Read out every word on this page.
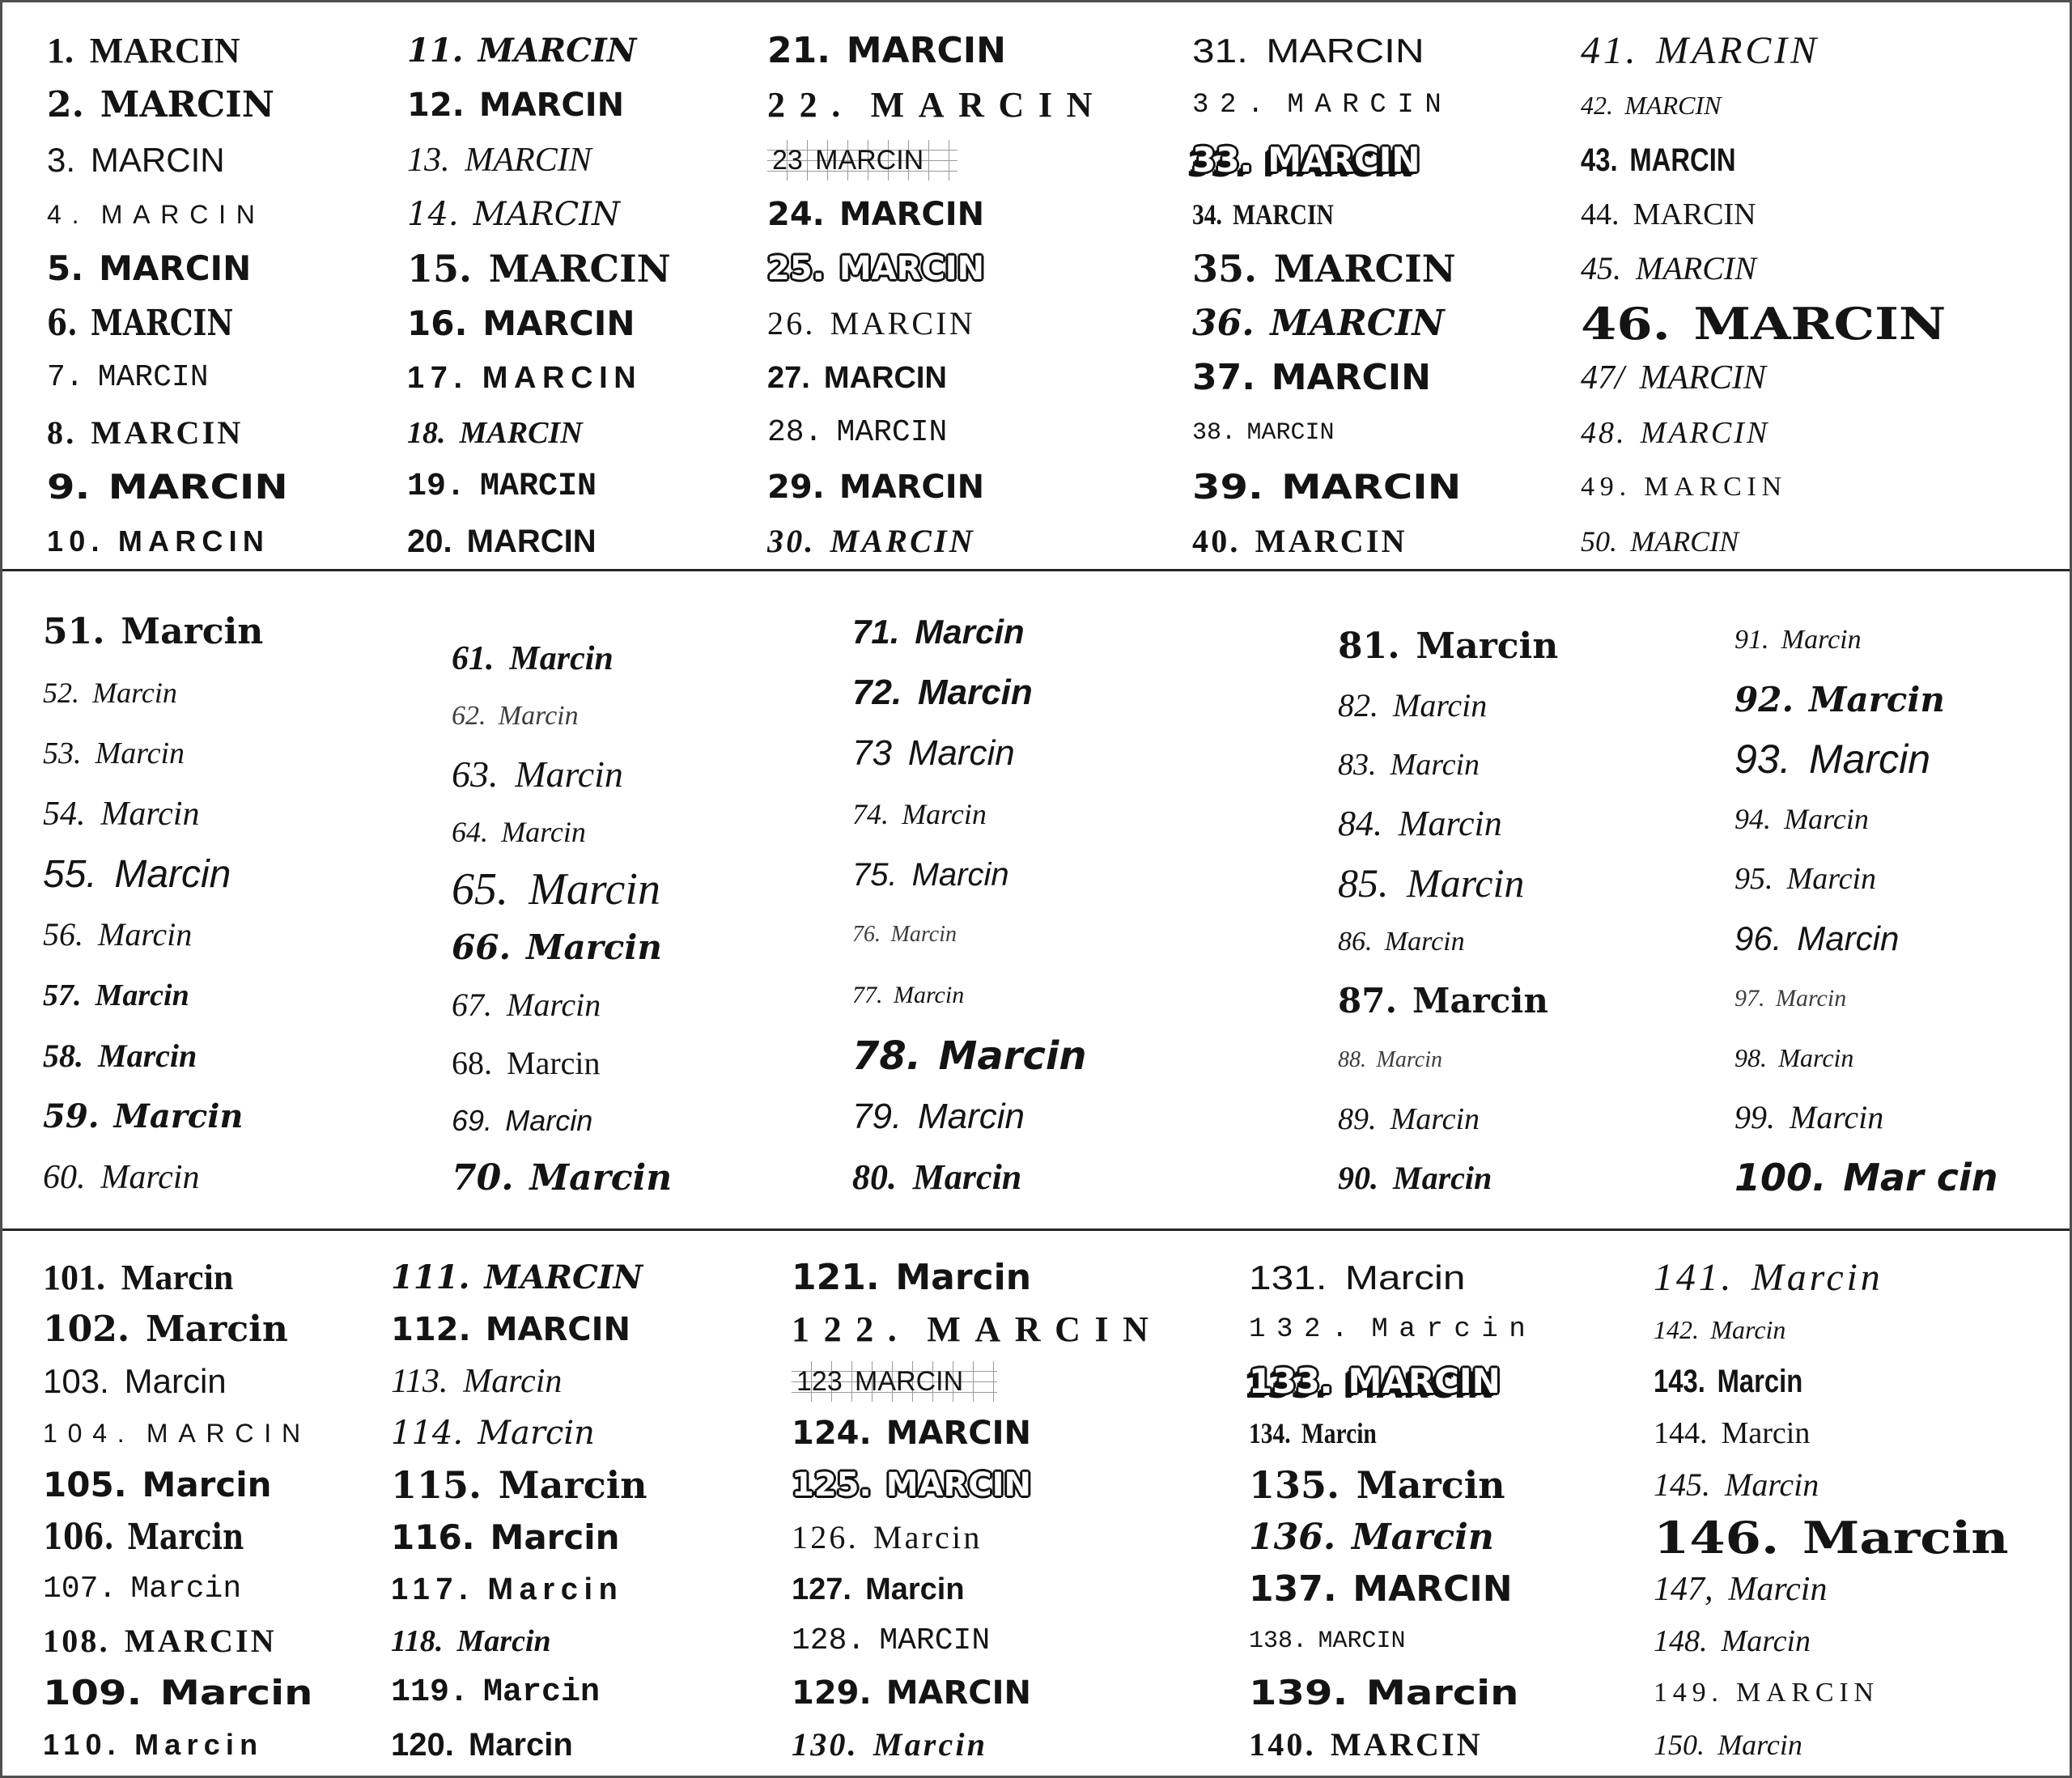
1. MARCIN
2. MARCIN
3. MARCIN
4. MARCIN
5. MARCIN
6. MARCIN
7. MARCIN
8. MARCIN
9. MARCIN
10. MARCIN
11. MARCIN
12. MARCIN
13. MARCIN
14. MARCIN
15. MARCIN
16. MARCIN
17. MARCIN
18. MARCIN
19. MARCIN
20. MARCIN
21. MARCIN
22. MARCIN
23 MARCIN
24. MARCIN
25. MARCIN
26. MARCIN
27. MARCIN
28. MARCIN
29. MARCIN
30. MARCIN
31. MARCIN
32. MARCIN
33. MARCIN
34. MARCIN
35. MARCIN
36. MARCIN
37. MARCIN
38. MARCIN
39. MARCIN
40. MARCIN
41. MARCIN
42. MARCIN
43. MARCIN
44. MARCIN
45. MARCIN
46. MARCIN
47/ MARCIN
48. MARCIN
49. MARCIN
50. MARCIN
51. Marcin
52. Marcin
53. Marcin
54. Marcin
55. Marcin
56. Marcin
57. Marcin
58. Marcin
59. Marcin
60. Marcin
61. Marcin
62. Marcin
63. Marcin
64. Marcin
65. Marcin
66. Marcin
67. Marcin
68. Marcin
69. Marcin
70. Marcin
71. Marcin
72. Marcin
73 Marcin
74. Marcin
75. Marcin
76. Marcin
77. Marcin
78. Marcin
79. Marcin
80. Marcin
81. Marcin
82. Marcin
83. Marcin
84. Marcin
85. Marcin
86. Marcin
87. Marcin
88. Marcin
89. Marcin
90. Marcin
91. Marcin
92. Marcin
93. Marcin
94. Marcin
95. Marcin
96. Marcin
97. Marcin
98. Marcin
99. Marcin
100. Mar cin
101. Marcin
102. Marcin
103. Marcin
104. MARCIN
105. Marcin
106. Marcin
107. Marcin
108. MARCIN
109. Marcin
110. Marcin
111. MARCIN
112. MARCIN
113. Marcin
114. Marcin
115. Marcin
116. Marcin
117. Marcin
118. Marcin
119. Marcin
120. Marcin
121. Marcin
122. MARCIN
123 MARCIN
124. MARCIN
125. MARCIN
126. Marcin
127. Marcin
128. MARCIN
129. MARCIN
130. Marcin
131. Marcin
132. Marcin
133. MARCIN
134. Marcin
135. Marcin
136. Marcin
137. MARCIN
138. MARCIN
139. Marcin
140. MARCIN
141. Marcin
142. Marcin
143. Marcin
144. Marcin
145. Marcin
146. Marcin
147, Marcin
148. Marcin
149. MARCIN
150. Marcin
